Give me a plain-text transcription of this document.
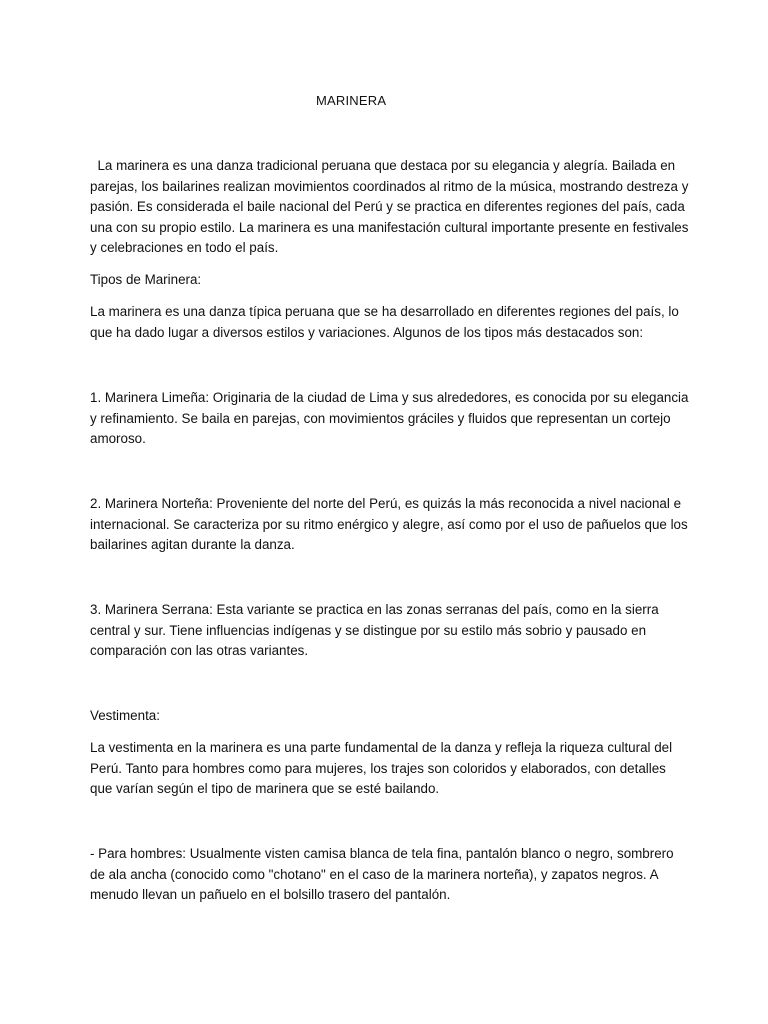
MARINERA

La marinera es una danza tradicional peruana que destaca por su elegancia y alegría. Bailada en parejas, los bailarines realizan movimientos coordinados al ritmo de la música, mostrando destreza y pasión. Es considerada el baile nacional del Perú y se practica en diferentes regiones del país, cada una con su propio estilo. La marinera es una manifestación cultural importante presente en festivales y celebraciones en todo el país.

Tipos de Marinera:

La marinera es una danza típica peruana que se ha desarrollado en diferentes regiones del país, lo que ha dado lugar a diversos estilos y variaciones. Algunos de los tipos más destacados son:

1. Marinera Limeña: Originaria de la ciudad de Lima y sus alrededores, es conocida por su elegancia y refinamiento. Se baila en parejas, con movimientos gráciles y fluidos que representan un cortejo amoroso.

2. Marinera Norteña: Proveniente del norte del Perú, es quizás la más reconocida a nivel nacional e internacional. Se caracteriza por su ritmo enérgico y alegre, así como por el uso de pañuelos que los bailarines agitan durante la danza.

3. Marinera Serrana: Esta variante se practica en las zonas serranas del país, como en la sierra central y sur. Tiene influencias indígenas y se distingue por su estilo más sobrio y pausado en comparación con las otras variantes.

Vestimenta:

La vestimenta en la marinera es una parte fundamental de la danza y refleja la riqueza cultural del Perú. Tanto para hombres como para mujeres, los trajes son coloridos y elaborados, con detalles que varían según el tipo de marinera que se esté bailando.

- Para hombres: Usualmente visten camisa blanca de tela fina, pantalón blanco o negro, sombrero de ala ancha (conocido como "chotano" en el caso de la marinera norteña), y zapatos negros. A menudo llevan un pañuelo en el bolsillo trasero del pantalón.
